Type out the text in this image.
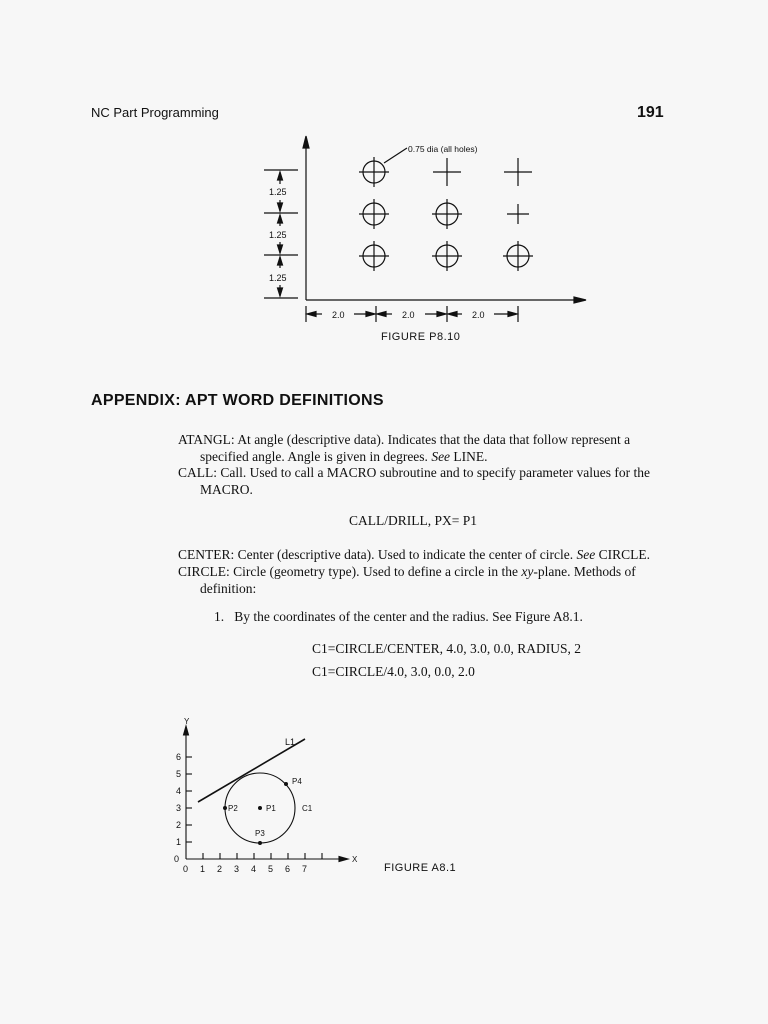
NC Part Programming	191
0.75 dia (all holes)
1.25
1.25
1.25
2.0	2.0	2.0
FIGURE P8.10
APPENDIX: APT WORD DEFINITIONS
ATANGL: At angle (descriptive data). Indicates that the data that follow represent a specified angle. Angle is given in degrees. See LINE.
CALL: Call. Used to call a MACRO subroutine and to specify parameter values for the MACRO.
CALL/DRILL, PX= P1
CENTER: Center (descriptive data). Used to indicate the center of circle. See CIRCLE.
CIRCLE: Circle (geometry type). Used to define a circle in the xy-plane. Methods of definition:
1. By the coordinates of the center and the radius. See Figure A8.1.
C1=CIRCLE/CENTER, 4.0, 3.0, 0.0, RADIUS, 2
C1=CIRCLE/4.0, 3.0, 0.0, 2.0
Y
X
L1
P1
P2
P3
P4
C1
0
1
2
3
4
5
6
0 1 2 3 4 5 6 7	FIGURE A8.1
